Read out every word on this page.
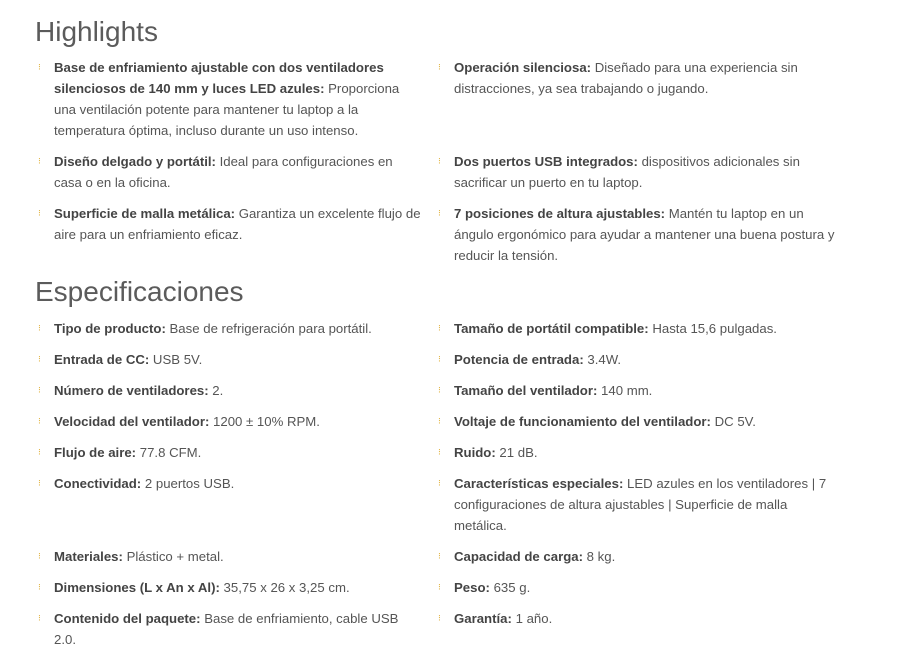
Highlights
⁝ Base de enfriamiento ajustable con dos ventiladores silenciosos de 140 mm y luces LED azules: Proporciona una ventilación potente para mantener tu laptop a la temperatura óptima, incluso durante un uso intenso.
⁝ Diseño delgado y portátil: Ideal para configuraciones en casa o en la oficina.
⁝ Superficie de malla metálica: Garantiza un excelente flujo de aire para un enfriamiento eficaz.
⁝ Operación silenciosa: Diseñado para una experiencia sin distracciones, ya sea trabajando o jugando.
⁝ Dos puertos USB integrados: dispositivos adicionales sin sacrificar un puerto en tu laptop.
⁝ 7 posiciones de altura ajustables: Mantén tu laptop en un ángulo ergonómico para ayudar a mantener una buena postura y reducir la tensión.
Especificaciones
⁝ Tipo de producto: Base de refrigeración para portátil.
⁝ Entrada de CC: USB 5V.
⁝ Número de ventiladores: 2.
⁝ Velocidad del ventilador: 1200 ± 10% RPM.
⁝ Flujo de aire: 77.8 CFM.
⁝ Conectividad: 2 puertos USB.
⁝ Materiales: Plástico + metal.
⁝ Dimensiones (L x An x Al): 35,75 x 26 x 3,25 cm.
⁝ Contenido del paquete: Base de enfriamiento, cable USB 2.0.
⁝ Tamaño de portátil compatible: Hasta 15,6 pulgadas.
⁝ Potencia de entrada: 3.4W.
⁝ Tamaño del ventilador: 140 mm.
⁝ Voltaje de funcionamiento del ventilador: DC 5V.
⁝ Ruido: 21 dB.
⁝ Características especiales: LED azules en los ventiladores | 7 configuraciones de altura ajustables | Superficie de malla metálica.
⁝ Capacidad de carga: 8 kg.
⁝ Peso: 635 g.
⁝ Garantía: 1 año.
